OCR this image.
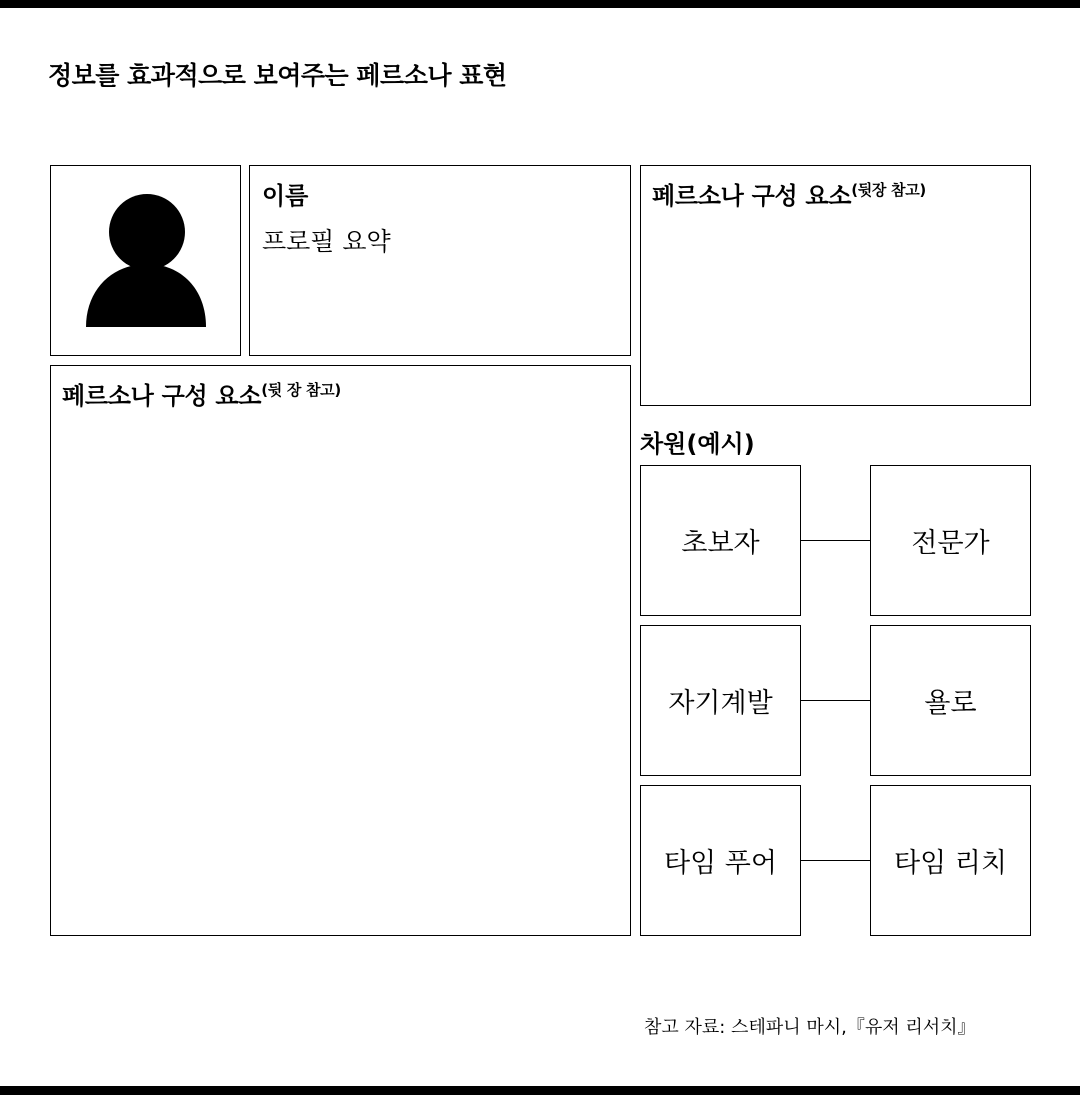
정보를 효과적으로 보여주는 페르소나 표현
이름
프로필 요약
페르소나 구성 요소$^{(뒷장 참고)}$
페르소나 구성 요소$^{(뒷 장 참고)}$
차원(예시)
초보자	전문가
자기계발	욜로
타임 푸어	타임 리치
참고 자료: 스테파니 마시,『유저 리서치』
